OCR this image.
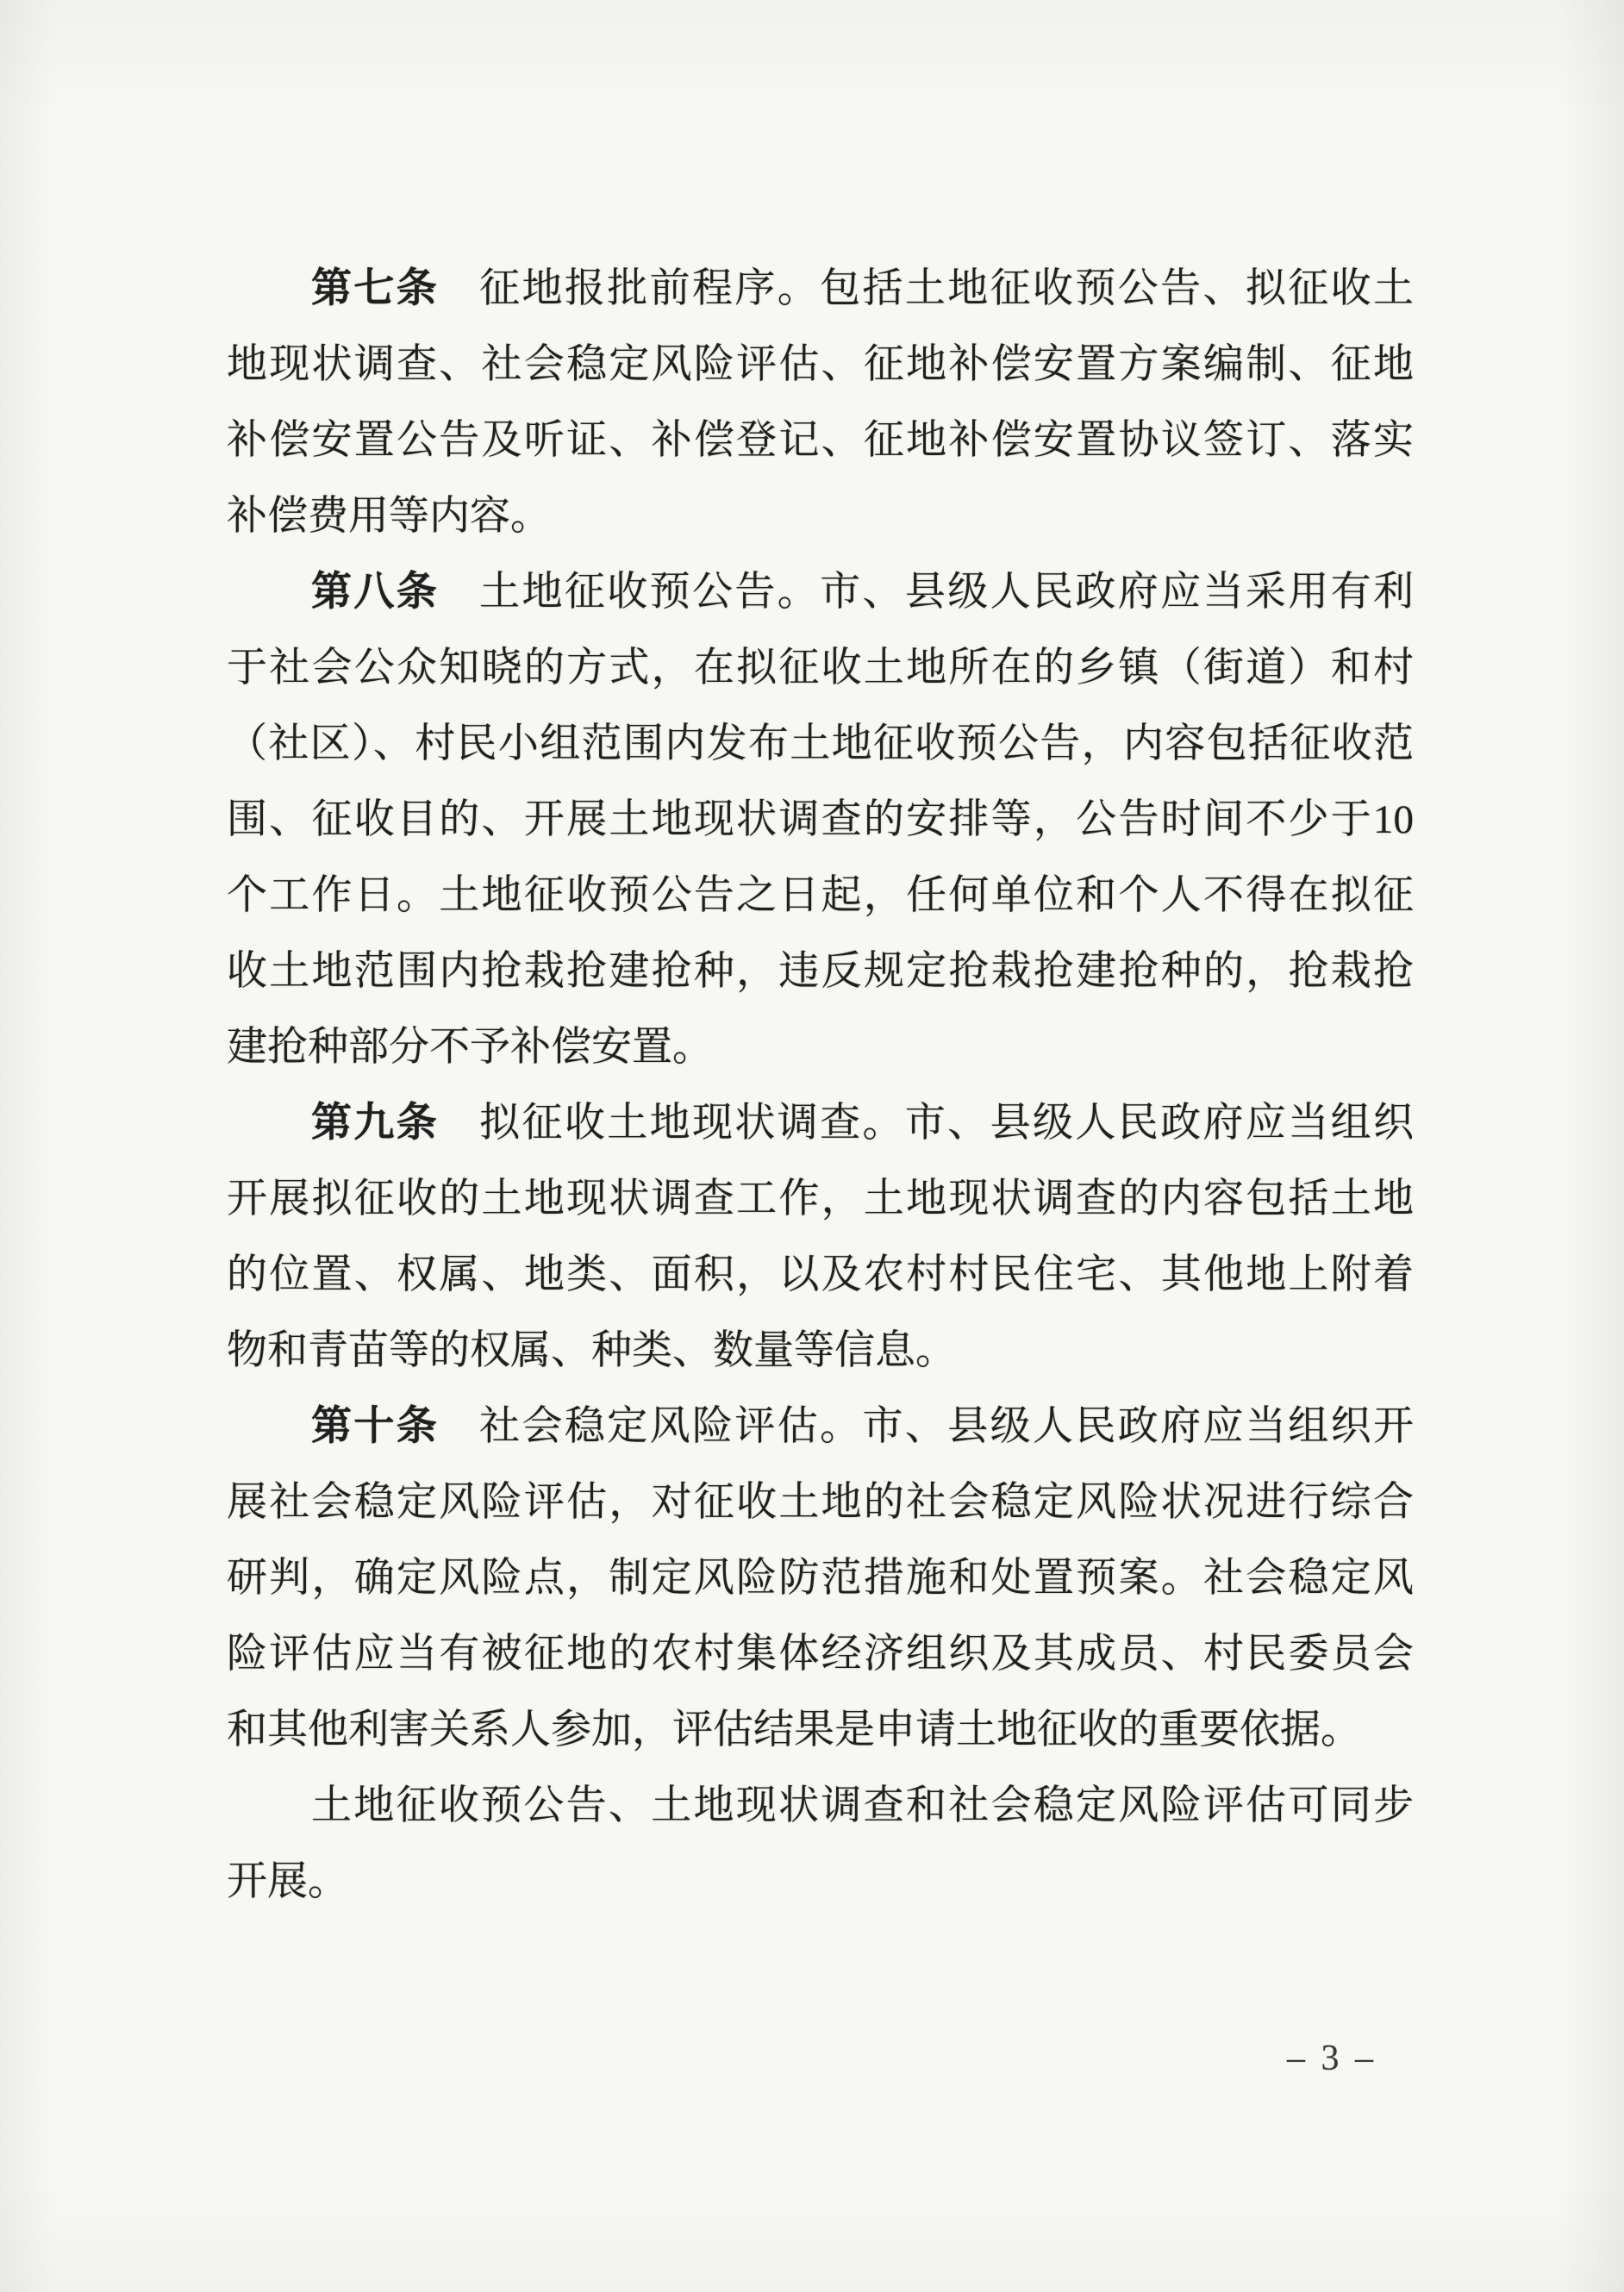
第七条 征地报批前程序。包括土地征收预公告、拟征收土
地现状调查、社会稳定风险评估、征地补偿安置方案编制、征地
补偿安置公告及听证、补偿登记、征地补偿安置协议签订、落实
补偿费用等内容。
第八条 土地征收预公告。市、县级人民政府应当采用有利
于社会公众知晓的方式，在拟征收土地所在的乡镇（街道）和村
（社区）、村民小组范围内发布土地征收预公告，内容包括征收范
围、征收目的、开展土地现状调查的安排等，公告时间不少于10
个工作日。土地征收预公告之日起，任何单位和个人不得在拟征
收土地范围内抢栽抢建抢种，违反规定抢栽抢建抢种的，抢栽抢
建抢种部分不予补偿安置。
第九条 拟征收土地现状调查。市、县级人民政府应当组织
开展拟征收的土地现状调查工作，土地现状调查的内容包括土地
的位置、权属、地类、面积，以及农村村民住宅、其他地上附着
物和青苗等的权属、种类、数量等信息。
第十条 社会稳定风险评估。市、县级人民政府应当组织开
展社会稳定风险评估，对征收土地的社会稳定风险状况进行综合
研判，确定风险点，制定风险防范措施和处置预案。社会稳定风
险评估应当有被征地的农村集体经济组织及其成员、村民委员会
和其他利害关系人参加，评估结果是申请土地征收的重要依据。
土地征收预公告、土地现状调查和社会稳定风险评估可同步
开展。
– 3 –
